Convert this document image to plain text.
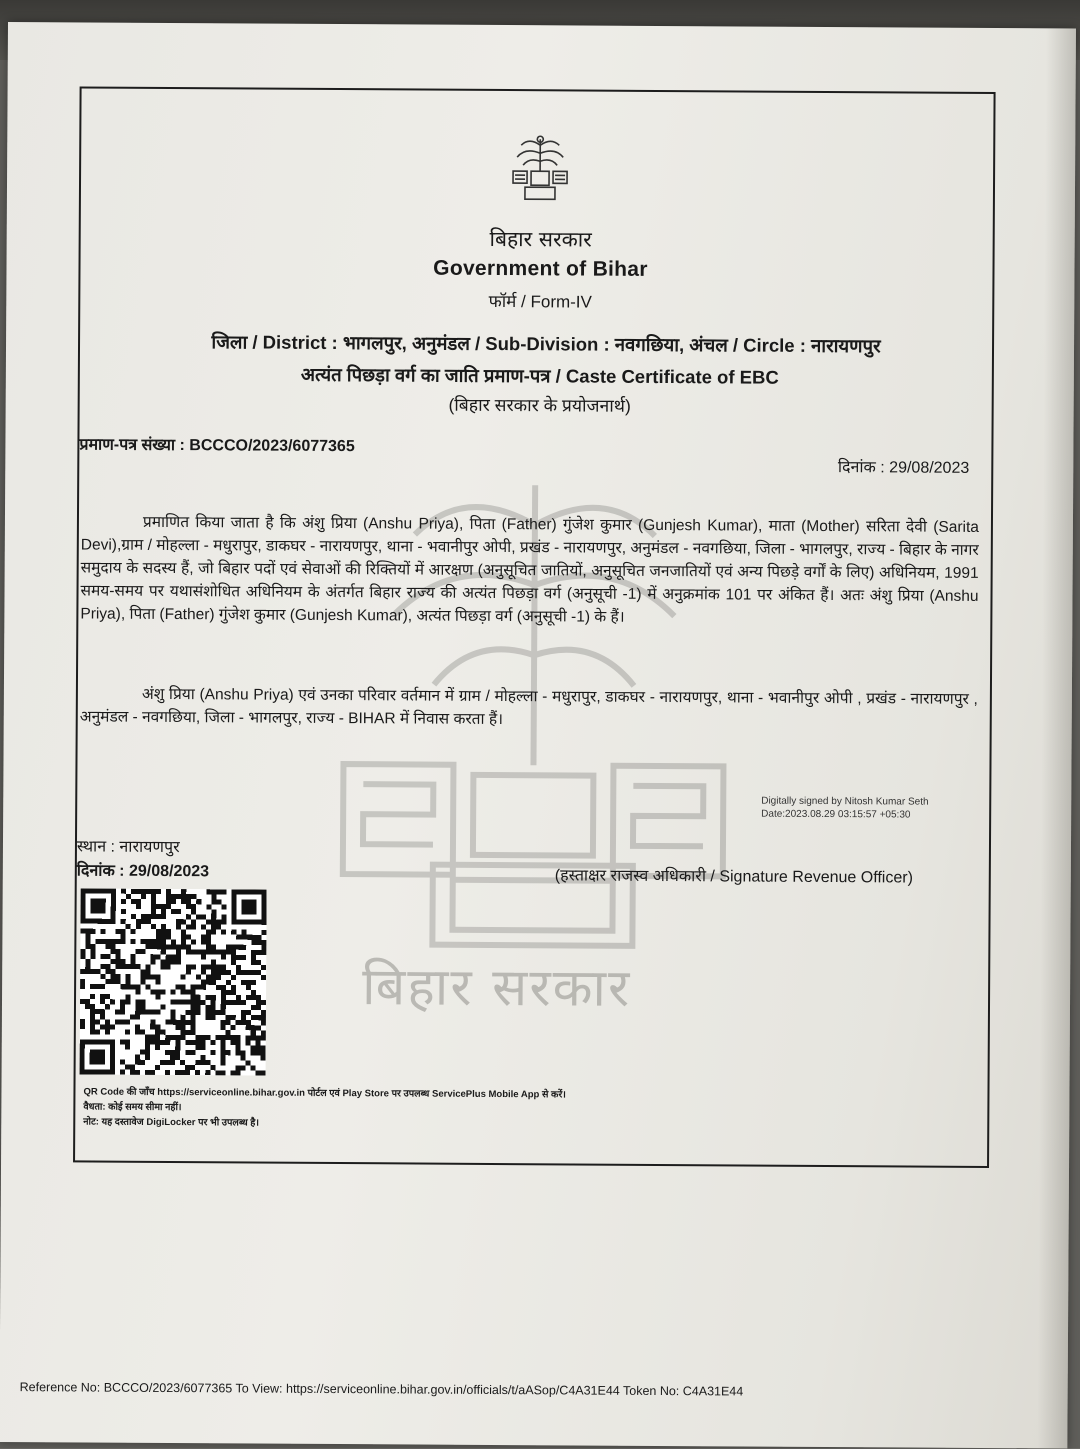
बिहार सरकार
Government of Bihar
फॉर्म / Form-IV
जिला / District : भागलपुर, अनुमंडल / Sub-Division : नवगछिया, अंचल / Circle : नारायणपुर
अत्यंत पिछड़ा वर्ग का जाति प्रमाण-पत्र / Caste Certificate of EBC
(बिहार सरकार के प्रयोजनार्थ)
प्रमाण-पत्र संख्या : BCCCO/2023/6077365
दिनांक : 29/08/2023
बिहार सरकार
प्रमाणित किया जाता है कि अंशु प्रिया (Anshu Priya), पिता (Father) गुंजेश कुमार (Gunjesh Kumar), माता (Mother) सरिता देवी (Sarita Devi),ग्राम / मोहल्ला - मधुरापुर, डाकघर - नारायणपुर, थाना - भवानीपुर ओपी, प्रखंड - नारायणपुर, अनुमंडल - नवगछिया, जिला - भागलपुर, राज्य - बिहार के नागर समुदाय के सदस्य हैं, जो बिहार पदों एवं सेवाओं की रिक्तियों में आरक्षण (अनुसूचित जातियों, अनुसूचित जनजातियों एवं अन्य पिछड़े वर्गों के लिए) अधिनियम, 1991 समय-समय पर यथासंशोधित अधिनियम के अंतर्गत बिहार राज्य की अत्यंत पिछड़ा वर्ग (अनुसूची -1) में अनुक्रमांक 101 पर अंकित हैं। अतः अंशु प्रिया (Anshu Priya), पिता (Father) गुंजेश कुमार (Gunjesh Kumar), अत्यंत पिछड़ा वर्ग (अनुसूची -1) के हैं।
अंशु प्रिया (Anshu Priya) एवं उनका परिवार वर्तमान में ग्राम / मोहल्ला - मधुरापुर, डाकघर - नारायणपुर, थाना - भवानीपुर ओपी , प्रखंड - नारायणपुर , अनुमंडल - नवगछिया, जिला - भागलपुर, राज्य - BIHAR में निवास करता हैं।
Digitally signed by Nitosh Kumar Seth
Date:2023.08.29 03:15:57 +05:30
स्थान : नारायणपुर
दिनांक : 29/08/2023	(हस्ताक्षर राजस्व अधिकारी / Signature Revenue Officer)
QR Code की जाँच https://serviceonline.bihar.gov.in पोर्टल एवं Play Store पर उपलब्ध ServicePlus Mobile App से करें।
वैधता: कोई समय सीमा नहीं।
नोट: यह दस्तावेज DigiLocker पर भी उपलब्ध है।
Reference No: BCCCO/2023/6077365 To View: https://serviceonline.bihar.gov.in/officials/t/aASop/C4A31E44 Token No: C4A31E44
